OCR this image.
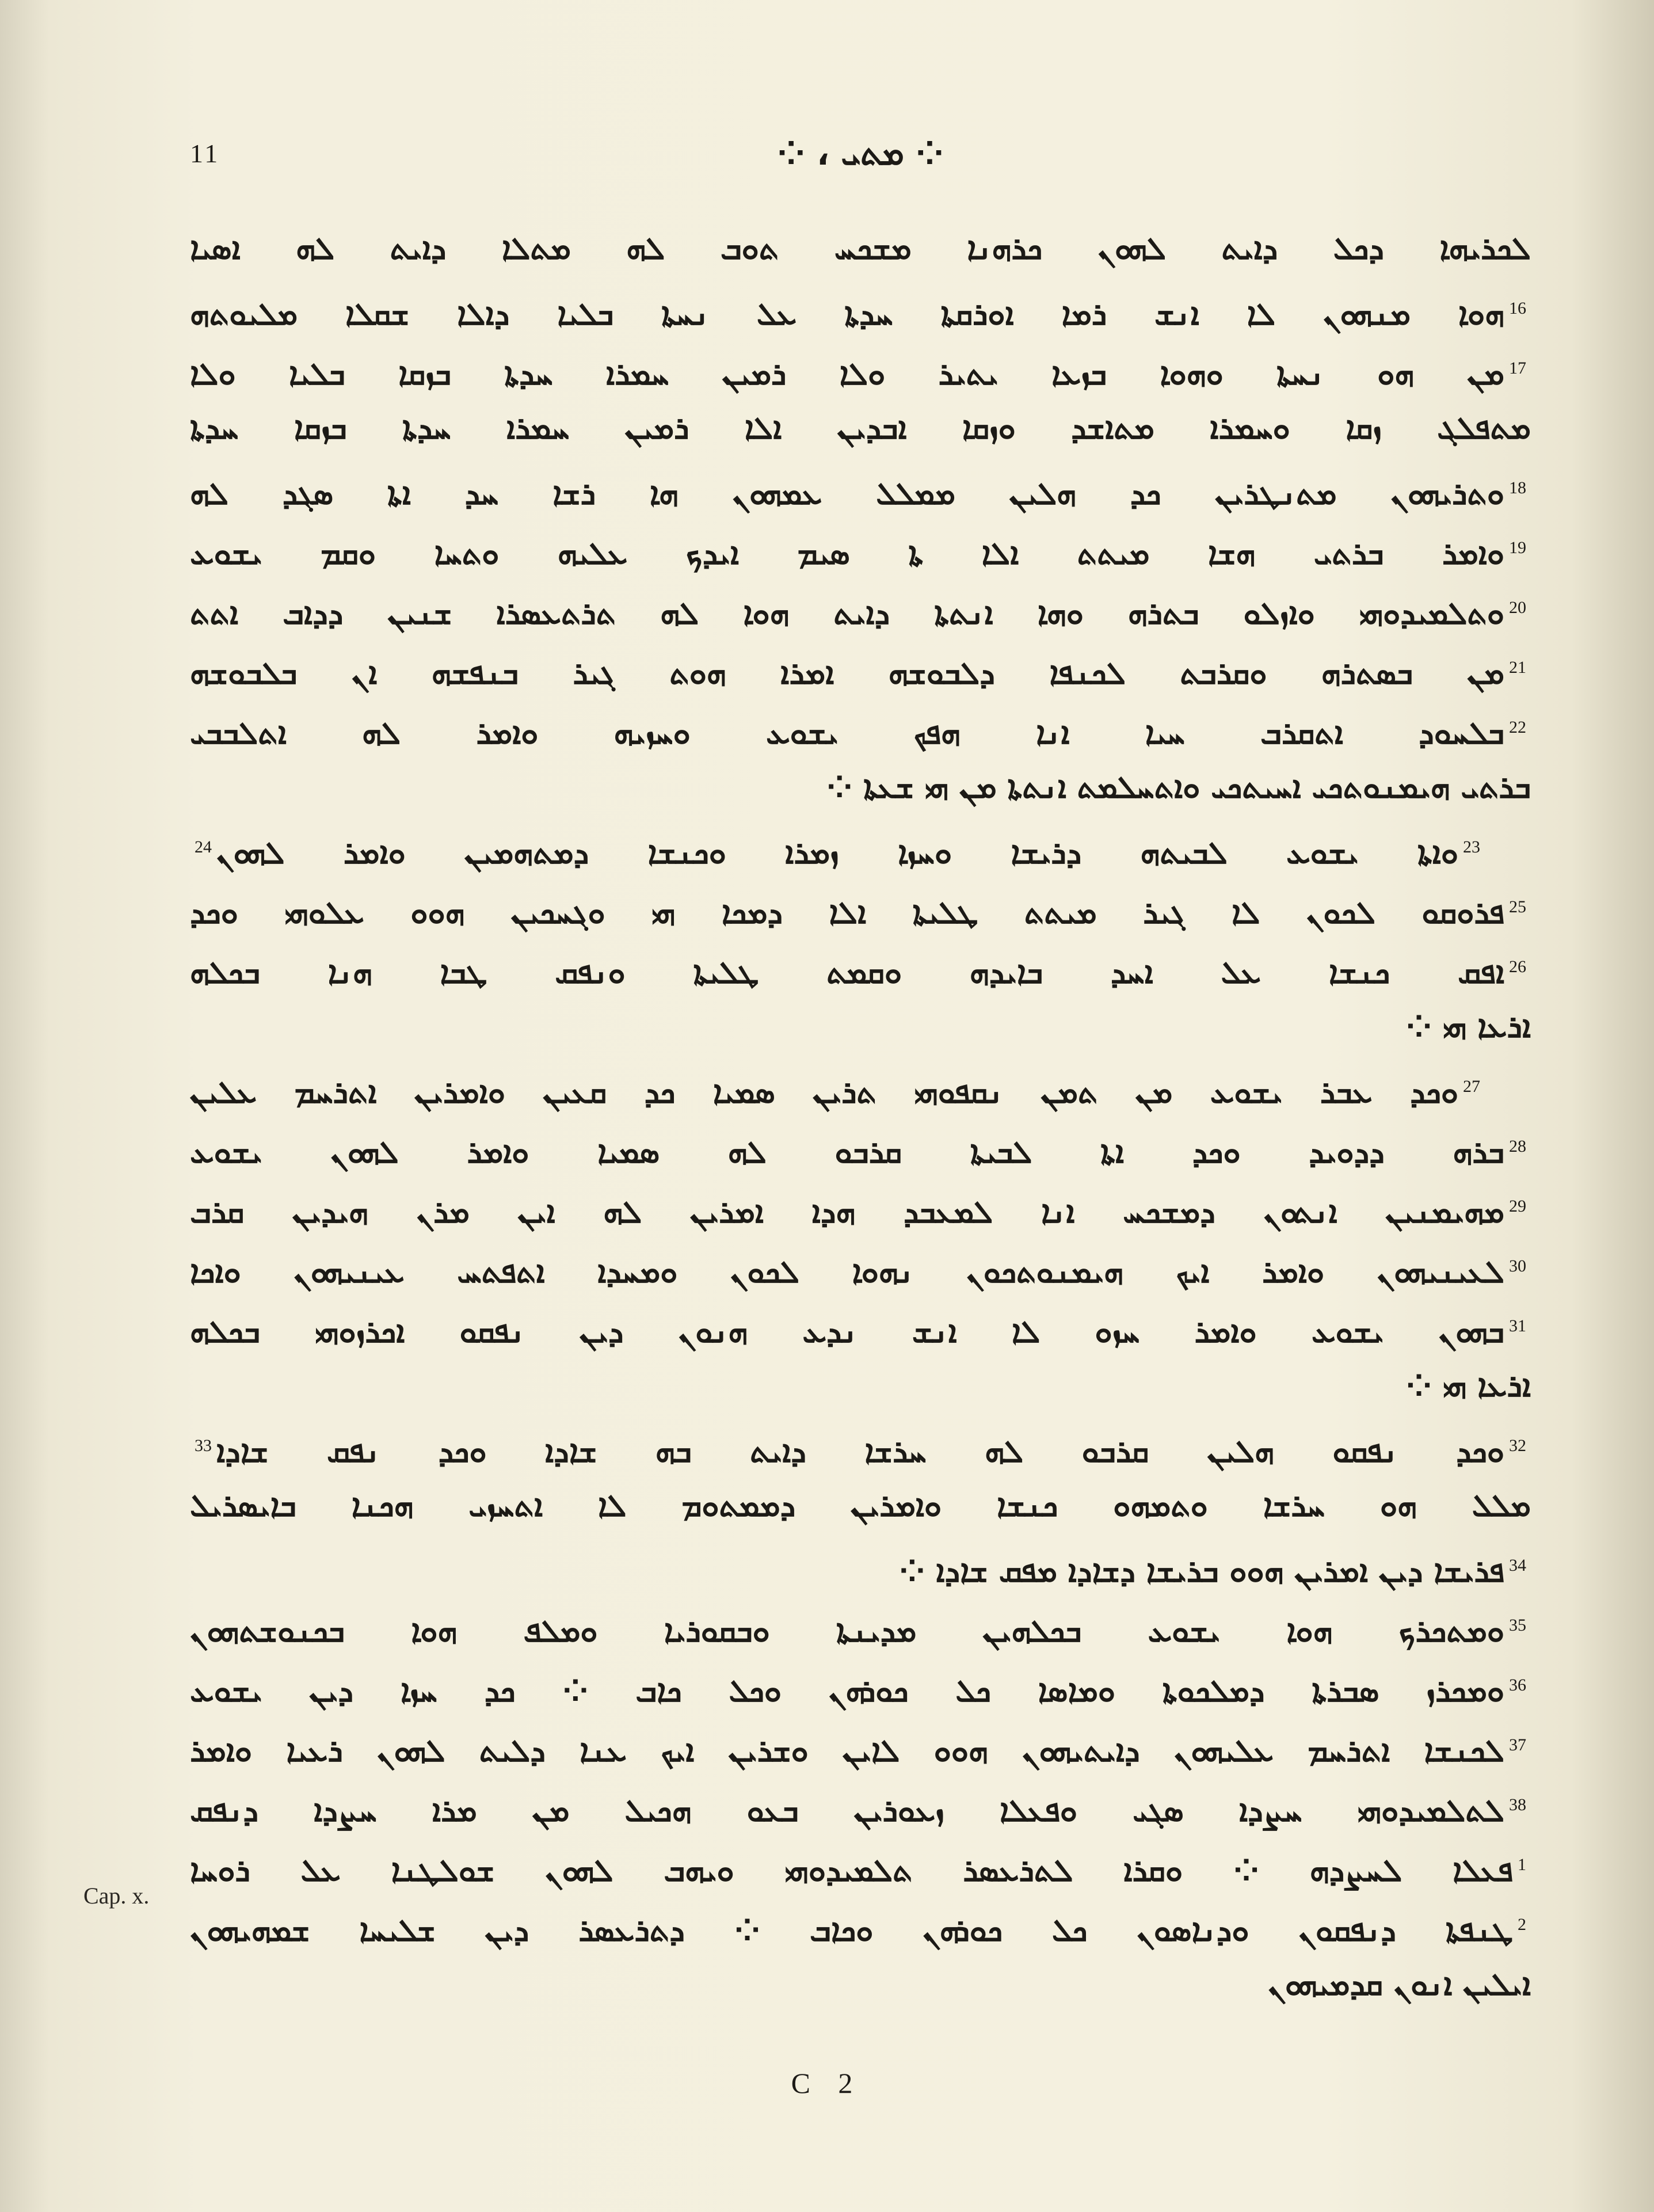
11	⁘ ܡܬܝ ، ⁘
ܠܟܪܝܗܐ ܕܟܠ ܕܐܝܬ ܠܗܘܢ ܟܪܗܢܐ ܡܫܟܚ ܬܘܒ ܠܗ ܡܬܠܐ ܕܐܝܬ ܠܗ ܐܣܝܐ
$^{16}$ܗܘܐ ܡܢܗܘܢ ܠܐ ܐܢܫ ܪܡܐ ܐܘܪܩܬܐ ܚܕܬܐ ܥܠ ܢܚܬܐ ܒܠܝܐ ܕܐܠܐ ܫܩܠܐ ܡܠܝܘܬܗ
$^{17}$ܡܢ ܗܘ ܢܚܬܐ ܘܗܘܐ ܒܙܥܐ ܝܬܝܪ ܘܠܐ ܪܡܝܢ ܚܡܪܐ ܚܕܬܐ ܒܙܩܐ ܒܠܝܐ ܘܠܐ
ܡܬܦܠܓ ܙܩܐ ܘܚܡܪܐ ܡܬܐܫܕ ܘܙܩܐ ܐܒܕܝܢ ܐܠܐ ܪܡܝܢ ܚܡܪܐ ܚܕܬܐ ܒܙܩܐ ܚܕܬܐ
$^{18}$ܘܬܪܝܗܘܢ ܡܬܢܛܪܝܢ ܟܕ ܗܠܝܢ ܡܡܠܠ ܥܡܗܘܢ ܗܐ ܪܫܐ ܚܕ ܐܬܐ ܣܓܕ ܠܗ
$^{19}$ܘܐܡܪ ܒܪܬܝ ܗܫܐ ܡܝܬܬ ܐܠܐ ܬܐ ܣܝܡ ܐܝܕܟ ܥܠܝܗ ܘܬܚܐ ܘܩܡ ܝܫܘܥ
$^{20}$ܘܬܠܡܝܕܘܗܝ ܘܐܙܠܘ ܒܬܪܗ ܘܗܐ ܐܢܬܬܐ ܕܐܝܬ ܗܘܐ ܠܗ ܬܪܬܥܣܪܐ ܫܢܝܢ ܕܕܐܒ ܐܬܬ
$^{21}$ܡܢ ܒܣܬܪܗ ܘܩܪܒܬ ܠܟܢܦܐ ܕܠܒܘܫܗ ܐܡܪܐ ܗܘܬ ܓܝܪ ܒܢܦܫܗ ܐܢ ܒܠܒܘܫܗ
$^{22}$ܒܠܚܘܕ ܐܬܩܪܒ ܚܝܐ ܐܢܐ ܗܦܟ ܝܫܘܥ ܘܚܙܝܗ ܘܐܡܪ ܠܗ ܐܬܠܒܒܝ
ܒܪܬܝ ܗܝܡܢܘܬܟܝ ܐܚܝܬܟܝ ܘܐܬܚܠܡܬ ܐܢܬܬܐ ܡܢ ܗܝ ܫܥܬܐ ⁘
$^{23}$ܘܐܬܐ ܝܫܘܥ ܠܒܝܬܗ ܕܪܝܫܐ ܘܚܙܐ ܙܡܪܐ ܘܟܢܫܐ ܕܡܬܗܡܝܢ ܘܐܡܪ ܠܗܘܢ$^{24}$
$^{25}$ܦܪܘܩܘ ܠܟܘܢ ܠܐ ܓܝܪ ܡܝܬܬ ܛܠܝܬܐ ܐܠܐ ܕܡܟܐ ܗܝ ܘܓܚܟܝܢ ܗܘܘ ܥܠܘܗܝ ܘܟܕ
$^{26}$ܐܦܩ ܟܢܫܐ ܥܠ ܐܚܕ ܒܐܝܕܗ ܘܩܡܬ ܛܠܝܬܐ ܘܢܦܩ ܛܒܐ ܗܢܐ ܒܟܠܗ
ܐܪܥܐ ܗܝ ⁘
$^{27}$ܘܟܕ ܥܒܪ ܝܫܘܥ ܡܢ ܬܡܢ ܢܩܦܘܗܝ ܬܪܝܢ ܣܡܝܐ ܟܕ ܩܥܝܢ ܘܐܡܪܝܢ ܐܬܪܚܡ ܥܠܝܢ
$^{28}$ܒܪܗ ܕܕܘܝܕ ܘܟܕ ܐܬܐ ܠܒܝܬܐ ܩܪܒܘ ܠܗ ܣܡܝܐ ܘܐܡܪ ܠܗܘܢ ܝܫܘܥ
$^{29}$ܡܗܝܡܢܝܢ ܐܢܬܘܢ ܕܡܫܟܚ ܐܢܐ ܠܡܥܒܕ ܗܕܐ ܐܡܪܝܢ ܠܗ ܐܝܢ ܡܪܢ ܗܝܕܝܢ ܩܪܒ
$^{30}$ܠܥܝܢܝܗܘܢ ܘܐܡܪ ܐܝܟ ܗܝܡܢܘܬܟܘܢ ܢܗܘܐ ܠܟܘܢ ܘܡܚܕܐ ܐܬܦܬܚ ܥܝܢܝܗܘܢ ܘܐܟܐ
$^{31}$ܒܗܘܢ ܝܫܘܥ ܘܐܡܪ ܚܙܘ ܠܐ ܐܢܫ ܢܕܥ ܗܢܘܢ ܕܝܢ ܢܦܩܘ ܐܟܪܙܘܗܝ ܒܟܠܗ
ܐܪܥܐ ܗܝ ⁘
$^{32}$ܘܟܕ ܢܦܩܘ ܗܠܝܢ ܩܪܒܘ ܠܗ ܚܪܫܐ ܕܐܝܬ ܒܗ ܫܐܕܐ ܘܟܕ ܢܦܩ ܫܐܕܐ$^{33}$
ܡܠܠ ܗܘ ܚܪܫܐ ܘܬܡܗܘ ܟܢܫܐ ܘܐܡܪܝܢ ܕܡܡܬܘܡ ܠܐ ܐܬܚܙܝ ܗܟܢܐ ܒܐܝܣܪܝܠ
$^{34}$ܦܪܝܫܐ ܕܝܢ ܐܡܪܝܢ ܗܘܘ ܒܪܝܫܐ ܕܫܐܕܐ ܡܦܩ ܫܐܕܐ ⁘
$^{35}$ܘܡܬܟܪܟ ܗܘܐ ܝܫܘܥ ܒܟܠܗܝܢ ܡܕܝܢܬܐ ܘܒܩܘܪܝܐ ܘܡܠܦ ܗܘܐ ܒܟܢܘܫܬܗܘܢ
$^{36}$ܘܡܟܪܙ ܣܒܪܬܐ ܕܡܠܟܘܬܐ ܘܡܐܣܐ ܟܠ ܟܘܪܗܢ ܘܟܠ ܟܐܒ ⁘ ܟܕ ܚܙܐ ܕܝܢ ܝܫܘܥ
$^{37}$ܠܟܢܫܐ ܐܬܪܚܡ ܥܠܝܗܘܢ ܕܐܝܬܝܗܘܢ ܗܘܘ ܠܐܝܢ ܘܫܪܝܢ ܐܝܟ ܥܢܐ ܕܠܝܬ ܠܗܘܢ ܪܥܝܐ ܘܐܡܪ
$^{38}$ܠܬܠܡܝܕܘܗܝ ܚܨܕܐ ܣܓܝ ܘܦܥܠܐ ܙܥܘܪܝܢ ܒܥܘ ܗܟܝܠ ܡܢ ܡܪܐ ܚܨܕܐ ܕܢܦܩ
$^1$ܦܥܠܐ ܠܚܨܕܗ ⁘ ܘܩܪܐ ܠܬܪܥܣܪ ܬܠܡܝܕܘܗܝ ܘܝܗܒ ܠܗܘܢ ܫܘܠܛܢܐ ܥܠ ܪܘܚܐ
$^2$ܛܢܦܬܐ ܕܢܦܩܘܢ ܘܕܢܐܣܘܢ ܟܠ ܟܘܪܗܢ ܘܟܐܒ ⁘ ܕܬܪܥܣܪ ܕܝܢ ܫܠܝܚܐ ܫܡܗܝܗܘܢ
ܐܝܠܝܢ ܐܢܘܢ ܩܕܡܝܗܘܢ
Cap. x.
C 2
